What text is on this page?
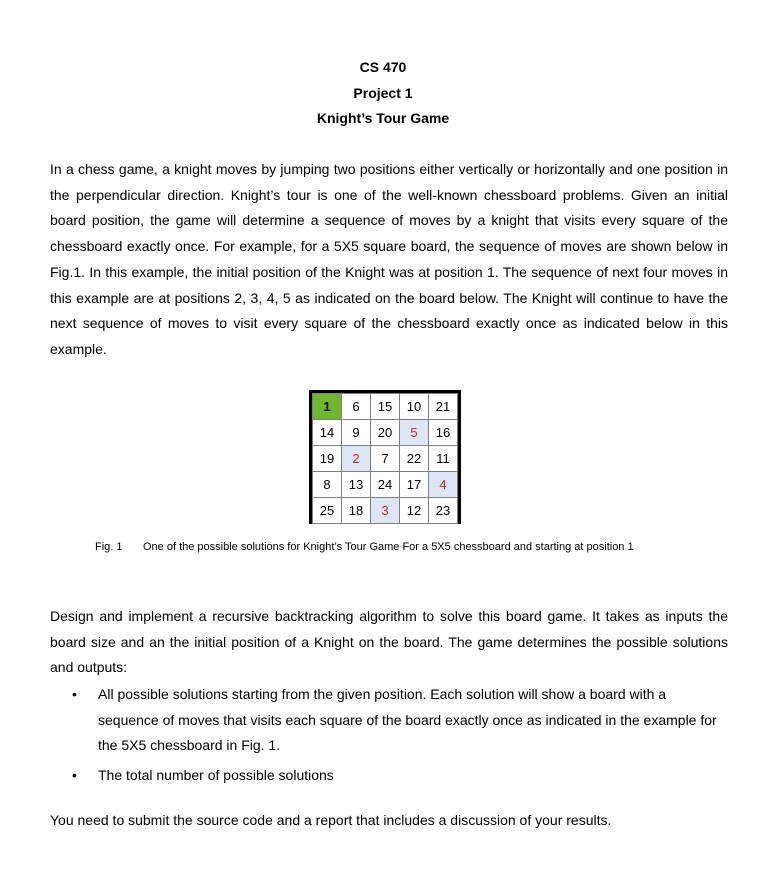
CS 470
Project 1
Knight’s Tour Game

In a chess game, a knight moves by jumping two positions either vertically or horizontally and one position in the perpendicular direction. Knight’s tour is one of the well-known chessboard problems. Given an initial board position, the game will determine a sequence of moves by a knight that visits every square of the chessboard exactly once. For example, for a 5X5 square board, the sequence of moves are shown below in Fig.1. In this example, the initial position of the Knight was at position 1. The sequence of next four moves in this example are at positions 2, 3, 4, 5 as indicated on the board below. The Knight will continue to have the next sequence of moves to visit every square of the chessboard exactly once as indicated below in this example.

1	6	15	10	21
14	9	20	5	16
19	2	7	22	11
8	13	24	17	4
25	18	3	12	23
Fig. 1 One of the possible solutions for Knight’s Tour Game For a 5X5 chessboard and starting at position 1

Design and implement a recursive backtracking algorithm to solve this board game. It takes as inputs the board size and an the initial position of a Knight on the board. The game determines the possible solutions and outputs:

• All possible solutions starting from the given position. Each solution will show a board with a sequence of moves that visits each square of the board exactly once as indicated in the example for the 5X5 chessboard in Fig. 1.
• The total number of possible solutions

You need to submit the source code and a report that includes a discussion of your results.
